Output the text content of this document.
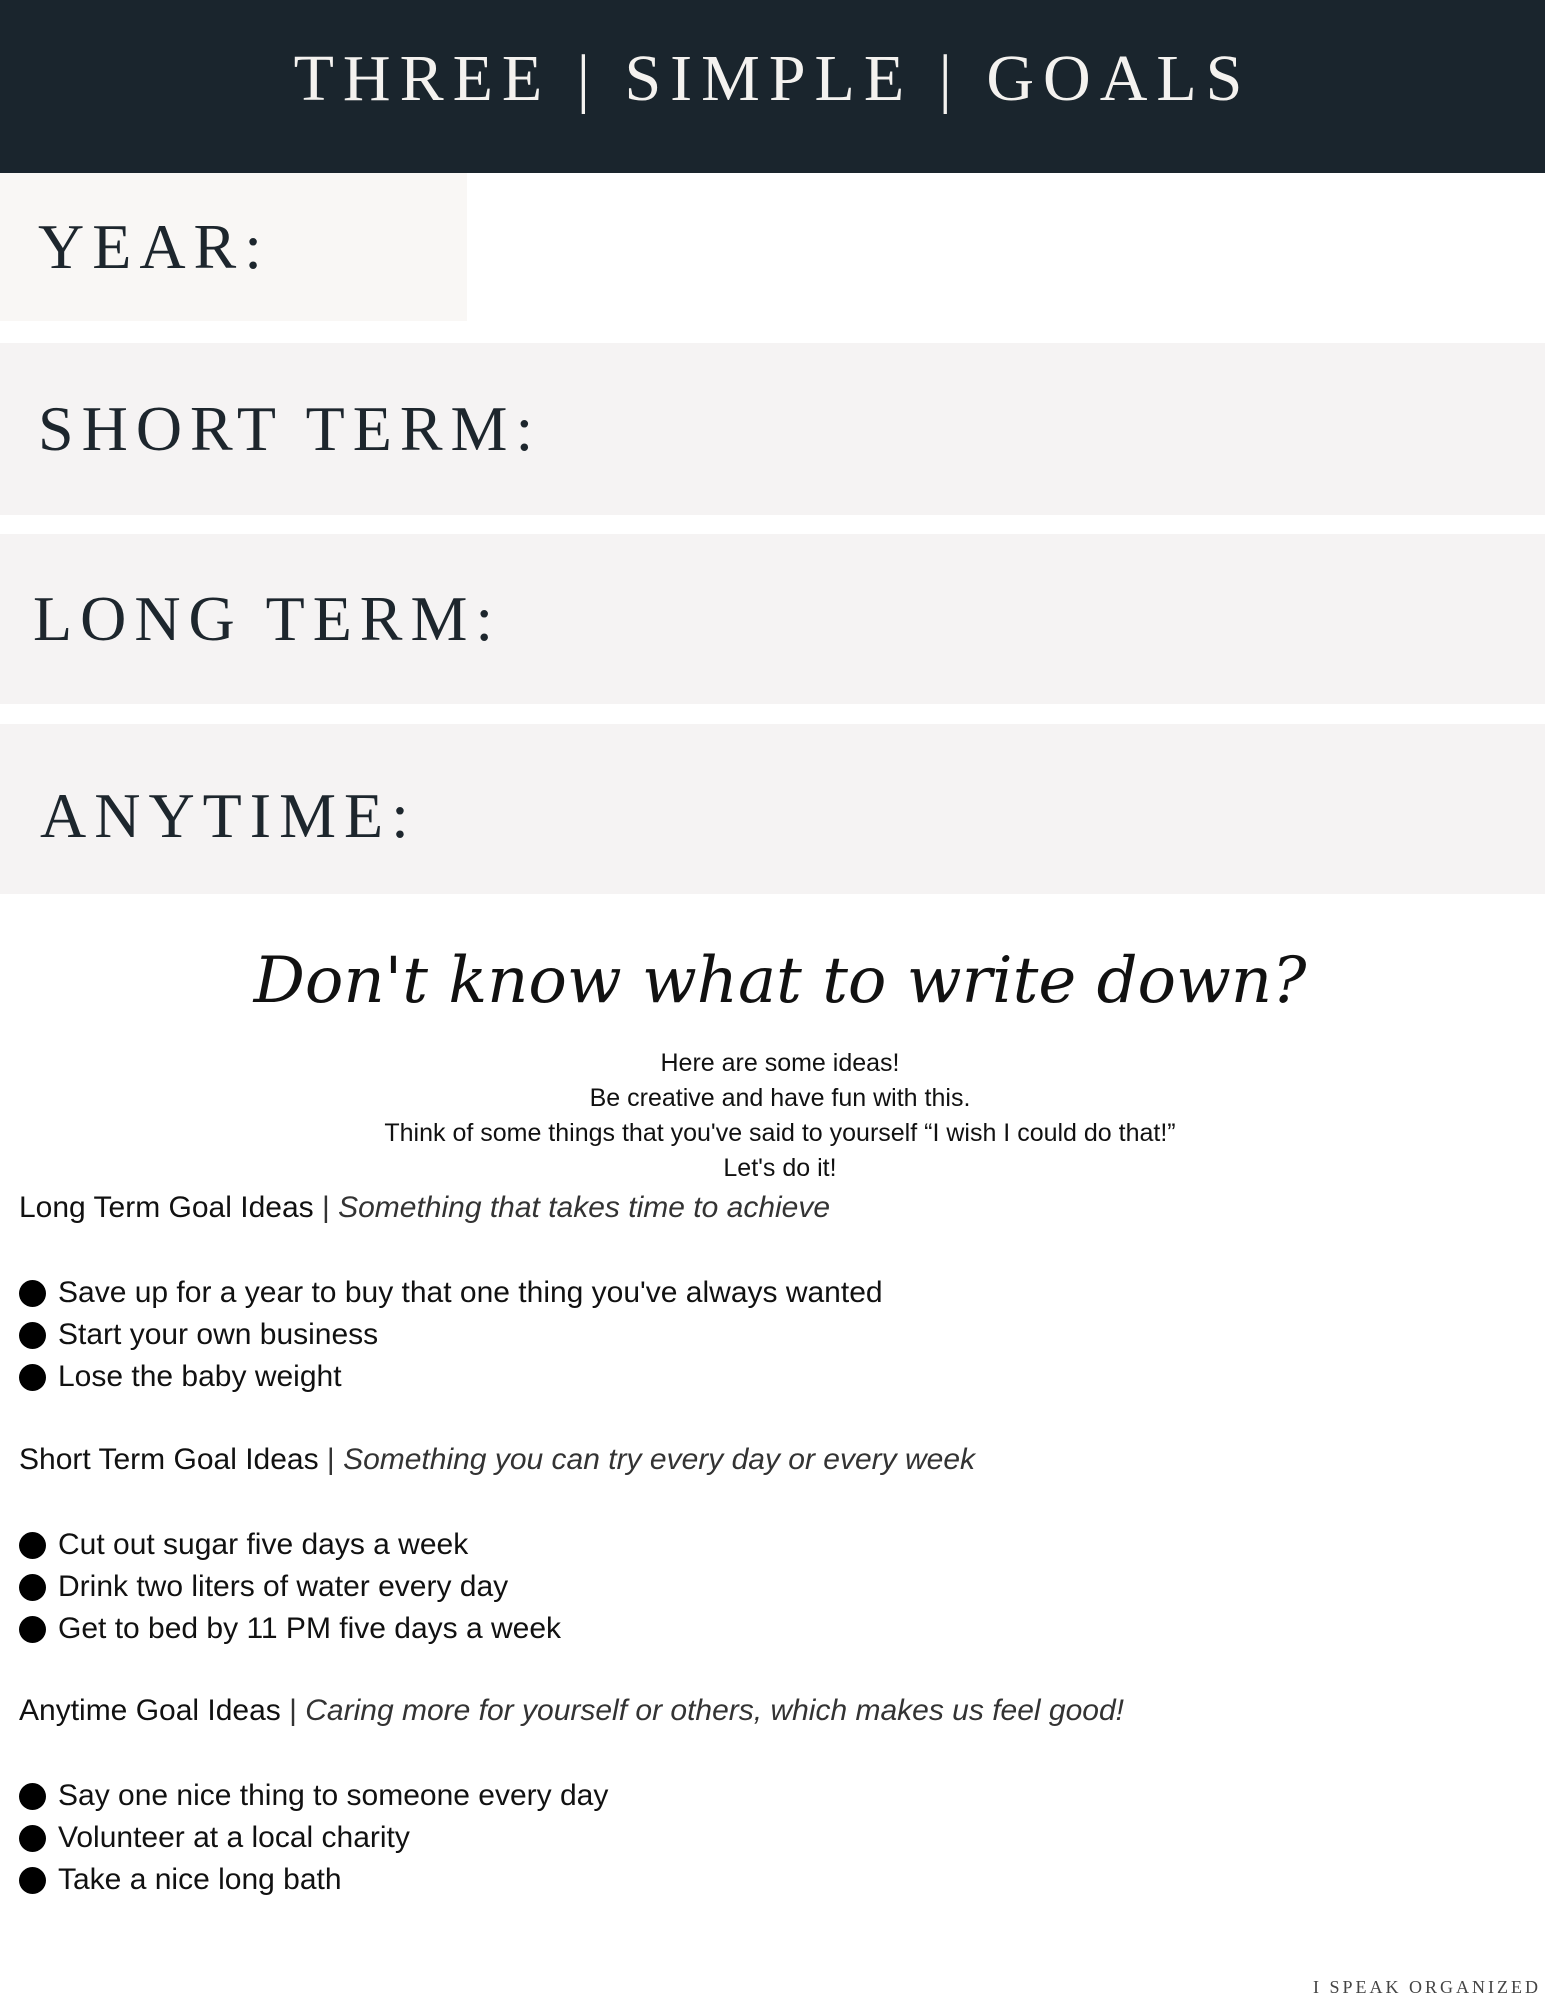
THREE | SIMPLE | GOALS
YEAR:
SHORT TERM:
LONG TERM:
ANYTIME:
Don't know what to write down?
Here are some ideas!
Be creative and have fun with this.
Think of some things that you've said to yourself “I wish I could do that!”
Let's do it!
Long Term Goal Ideas | Something that takes time to achieve
Save up for a year to buy that one thing you've always wanted
Start your own business
Lose the baby weight
Short Term Goal Ideas | Something you can try every day or every week
Cut out sugar five days a week
Drink two liters of water every day
Get to bed by 11 PM five days a week
Anytime Goal Ideas | Caring more for yourself or others, which makes us feel good!
Say one nice thing to someone every day
Volunteer at a local charity
Take a nice long bath
I SPEAK ORGANIZED
